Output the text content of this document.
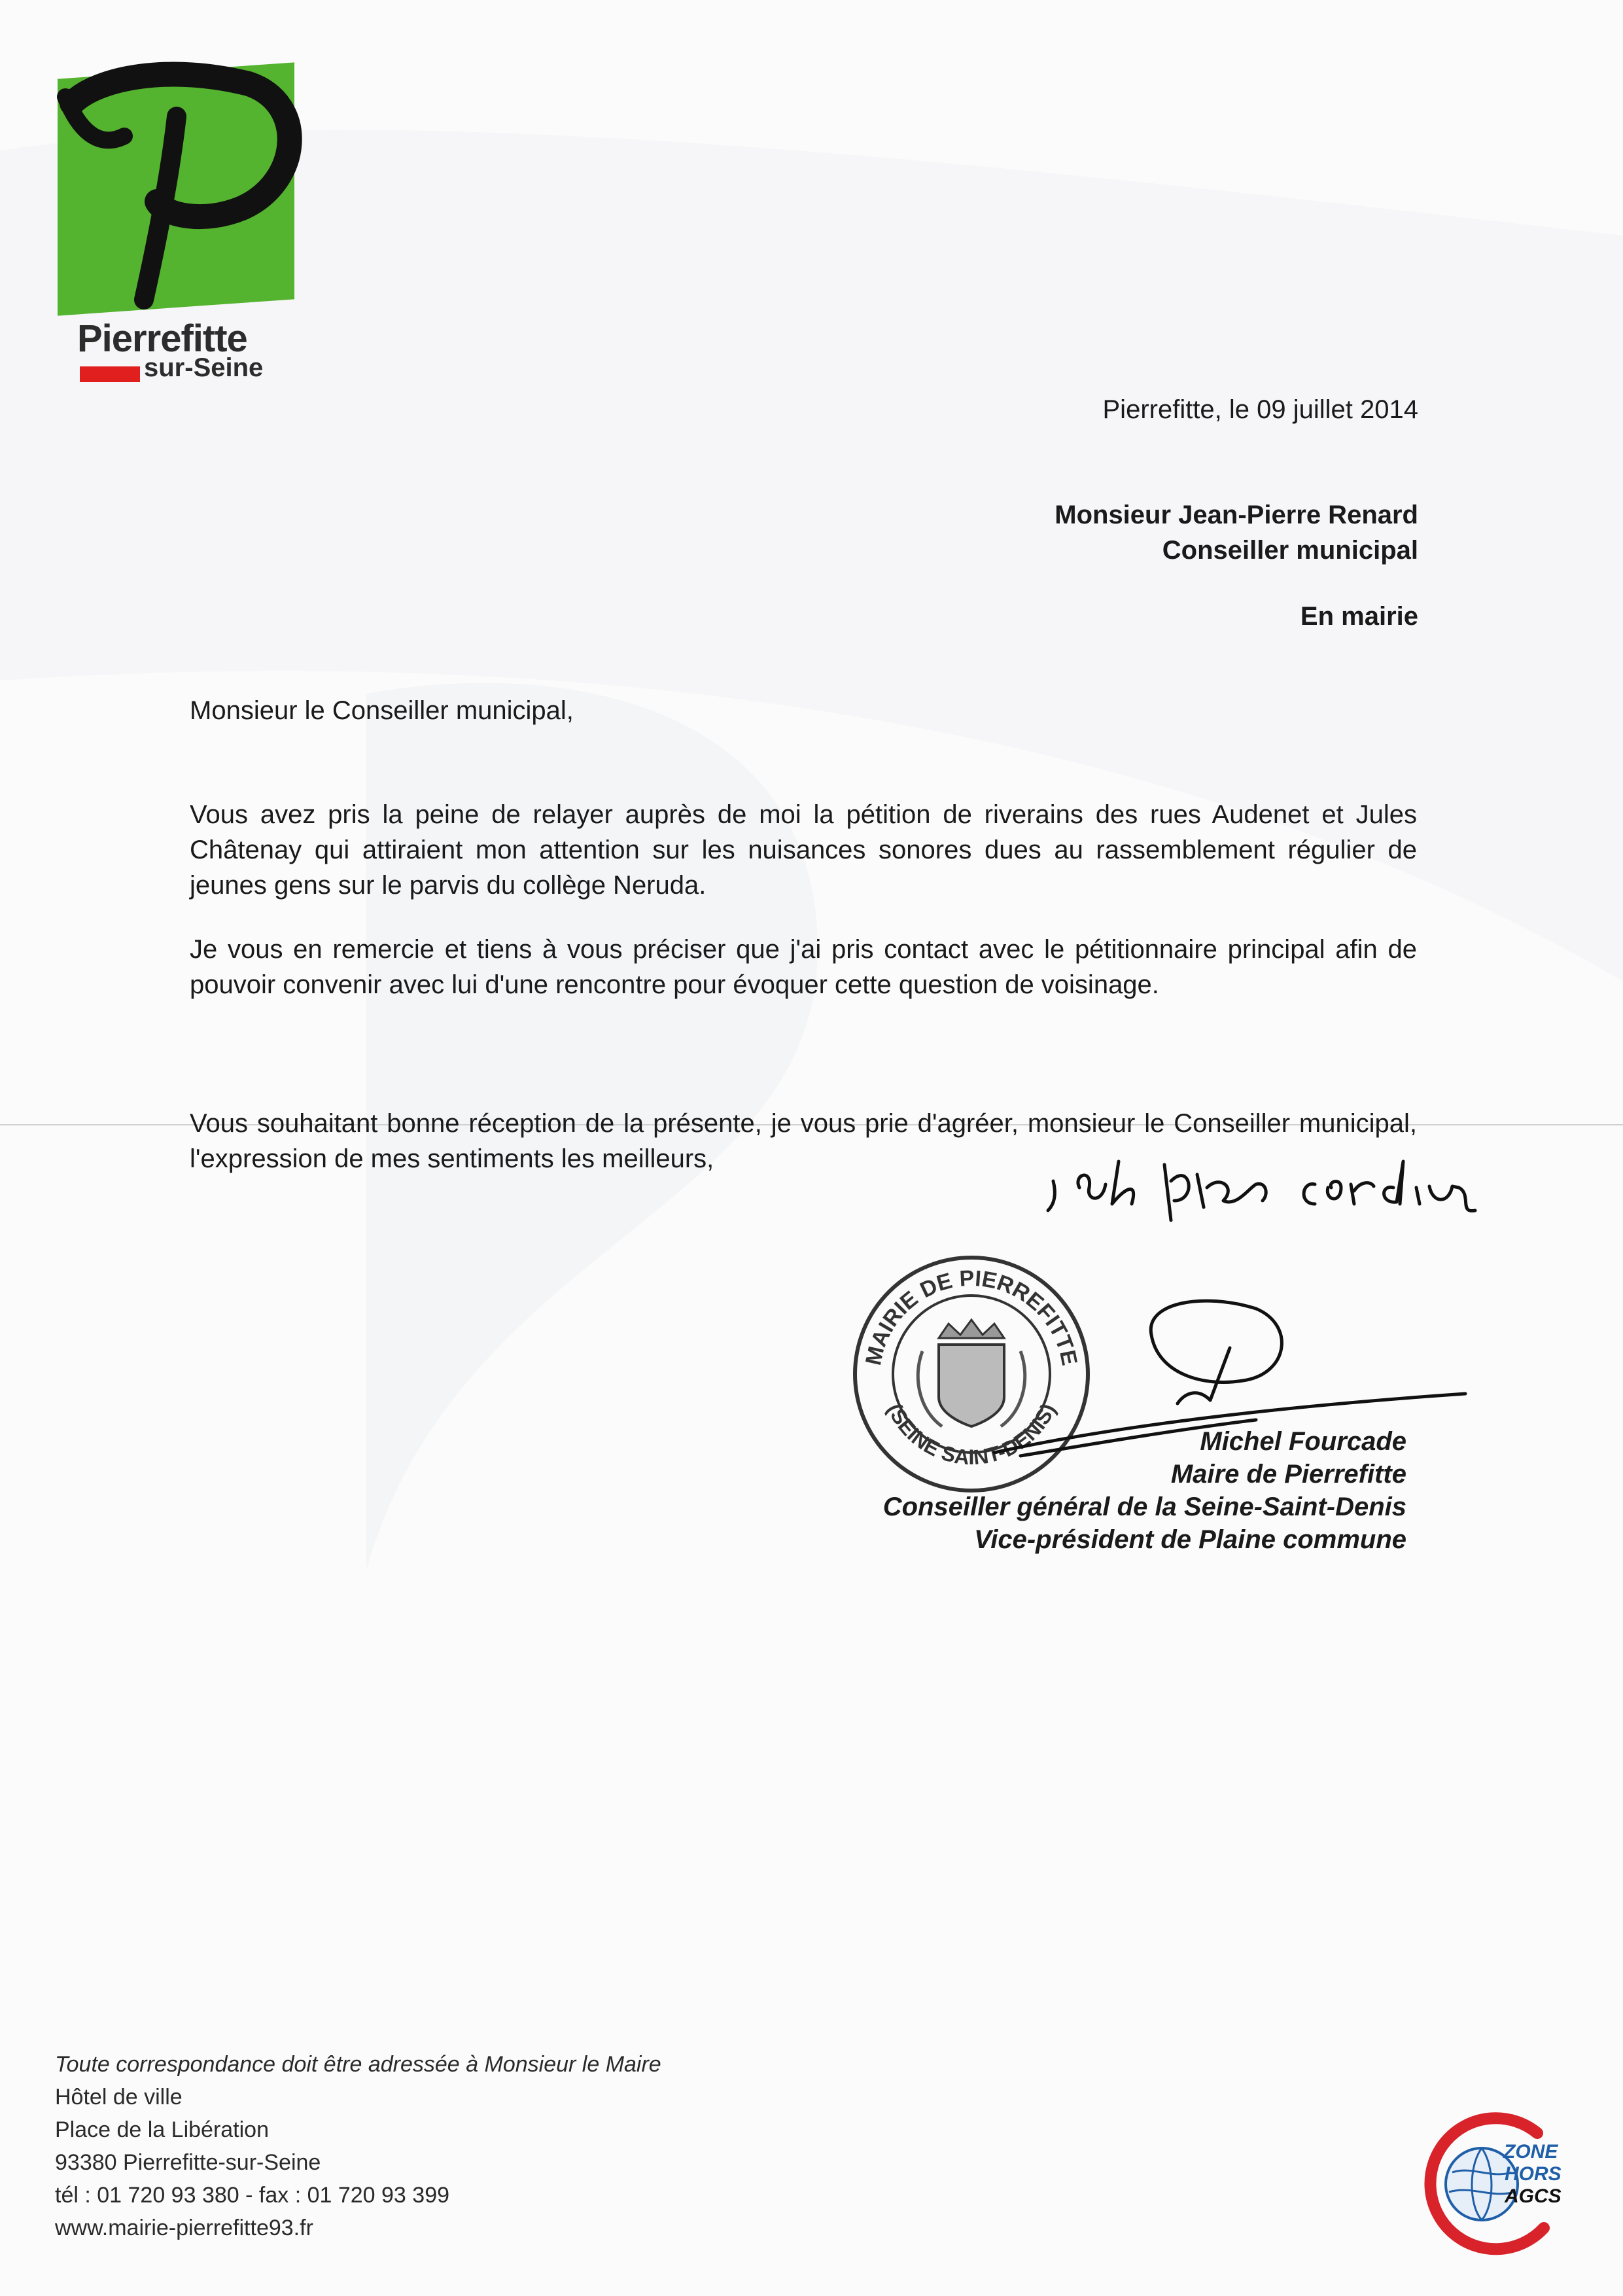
Pierrefitte
sur-Seine
Pierrefitte, le 09 juillet 2014
Monsieur Jean-Pierre Renard
Conseiller municipal
En mairie
Monsieur le Conseiller municipal,
Vous avez pris la peine de relayer auprès de moi la pétition de riverains des rues Audenet et Jules Châtenay qui attiraient mon attention sur les nuisances sonores dues au rassemblement régulier de jeunes gens sur le parvis du collège Neruda.
Je vous en remercie et tiens à vous préciser que j'ai pris contact avec le pétitionnaire principal afin de pouvoir convenir avec lui d'une rencontre pour évoquer cette question de voisinage.
Vous souhaitant bonne réception de la présente, je vous prie d'agréer, monsieur le Conseiller municipal, l'expression de mes sentiments les meilleurs,
MAIRIE DE PIERREFITTE
(SEINE SAINT-DENIS)
Michel Fourcade
Maire de Pierrefitte
Conseiller général de la Seine-Saint-Denis
Vice-président de Plaine commune
Toute correspondance doit être adressée à Monsieur le Maire
Hôtel de ville
Place de la Libération
93380 Pierrefitte-sur-Seine
tél : 01 720 93 380 - fax : 01 720 93 399
www.mairie-pierrefitte93.fr
ZONE
HORS
AGCS
